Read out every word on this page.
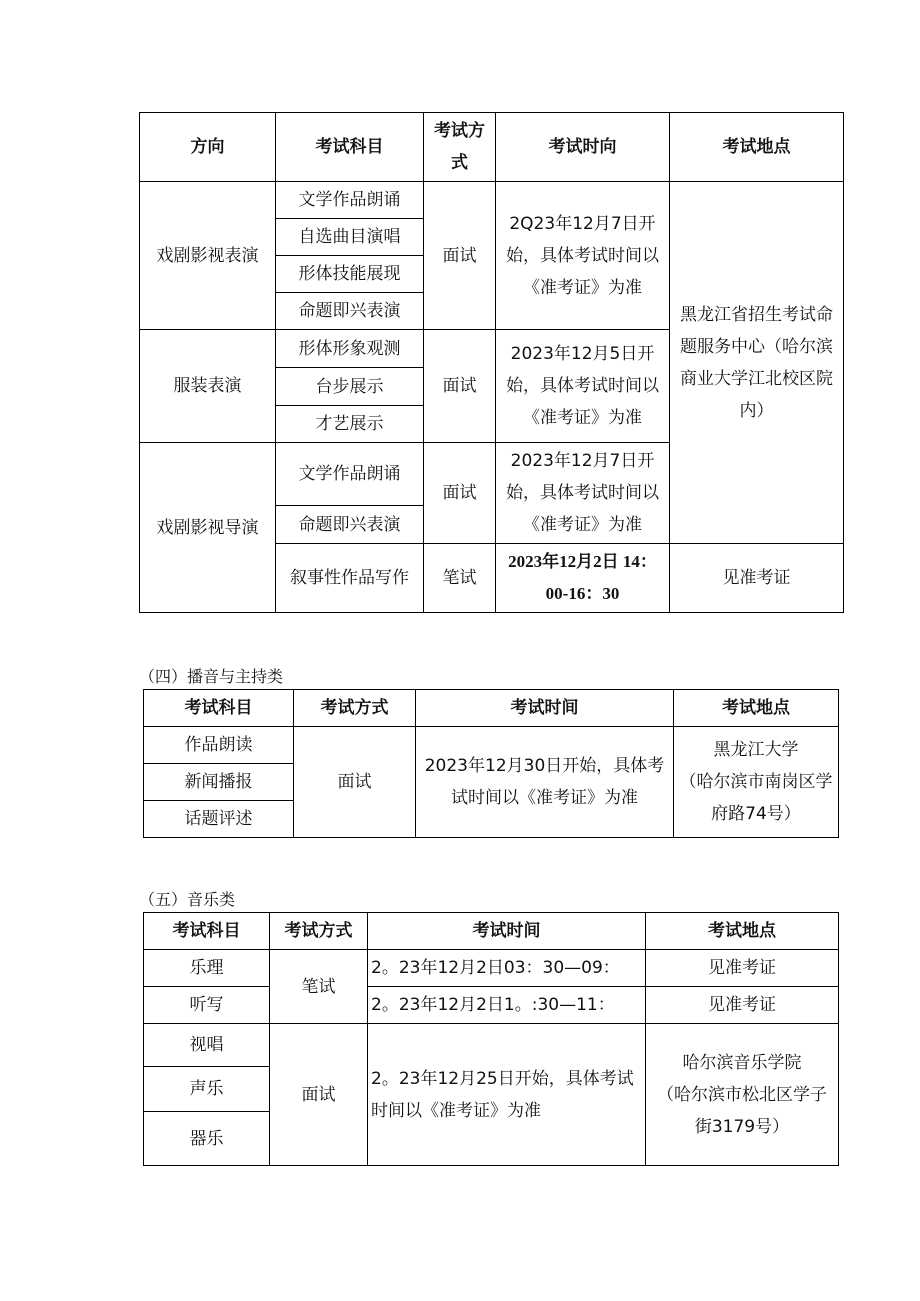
方向	考试科目	考试方式	考试时向	考试地点
戏剧影视表演	文学作品朗诵	面试	2Q23年12月7日开始，具体考试时间以《准考证》为准	黑龙江省招生考试命题服务中心（哈尔滨商业大学江北校区院内）
	自选曲目演唱			
	形体技能展现			
	命题即兴表演			
服装表演	形体形象观测	面试	2023年12月5日开始，具体考试时间以《准考证》为准	
	台步展示			
	才艺展示			
戏剧影视导演	文学作品朗诵	面试	2023年12月7日开始，具体考试时间以《准考证》为准	
	命题即兴表演			
	叙事性作品写作	笔试	2023年12月2日 14：00-16：30	见准考证
（四）播音与主持类
考试科目	考试方式	考试时间	考试地点
作品朗读	面试	2023年12月30日开始，具体考试时间以《准考证》为准	黑龙江大学
（哈尔滨市南岗区学府路74号）

新闻播报			
话题评述			
（五）音乐类
考试科目	考试方式	考试时间	考试地点
乐理	笔试	2。23年12月2日03：30—09：	见准考证
听写		2。23年12月2日1。:30—11：	见准考证
视唱	面试	2。23年12月25日开始，具体考试时间以《准考证》为准	哈尔滨音乐学院
（哈尔滨市松北区学子街3179号）

声乐			
器乐			
